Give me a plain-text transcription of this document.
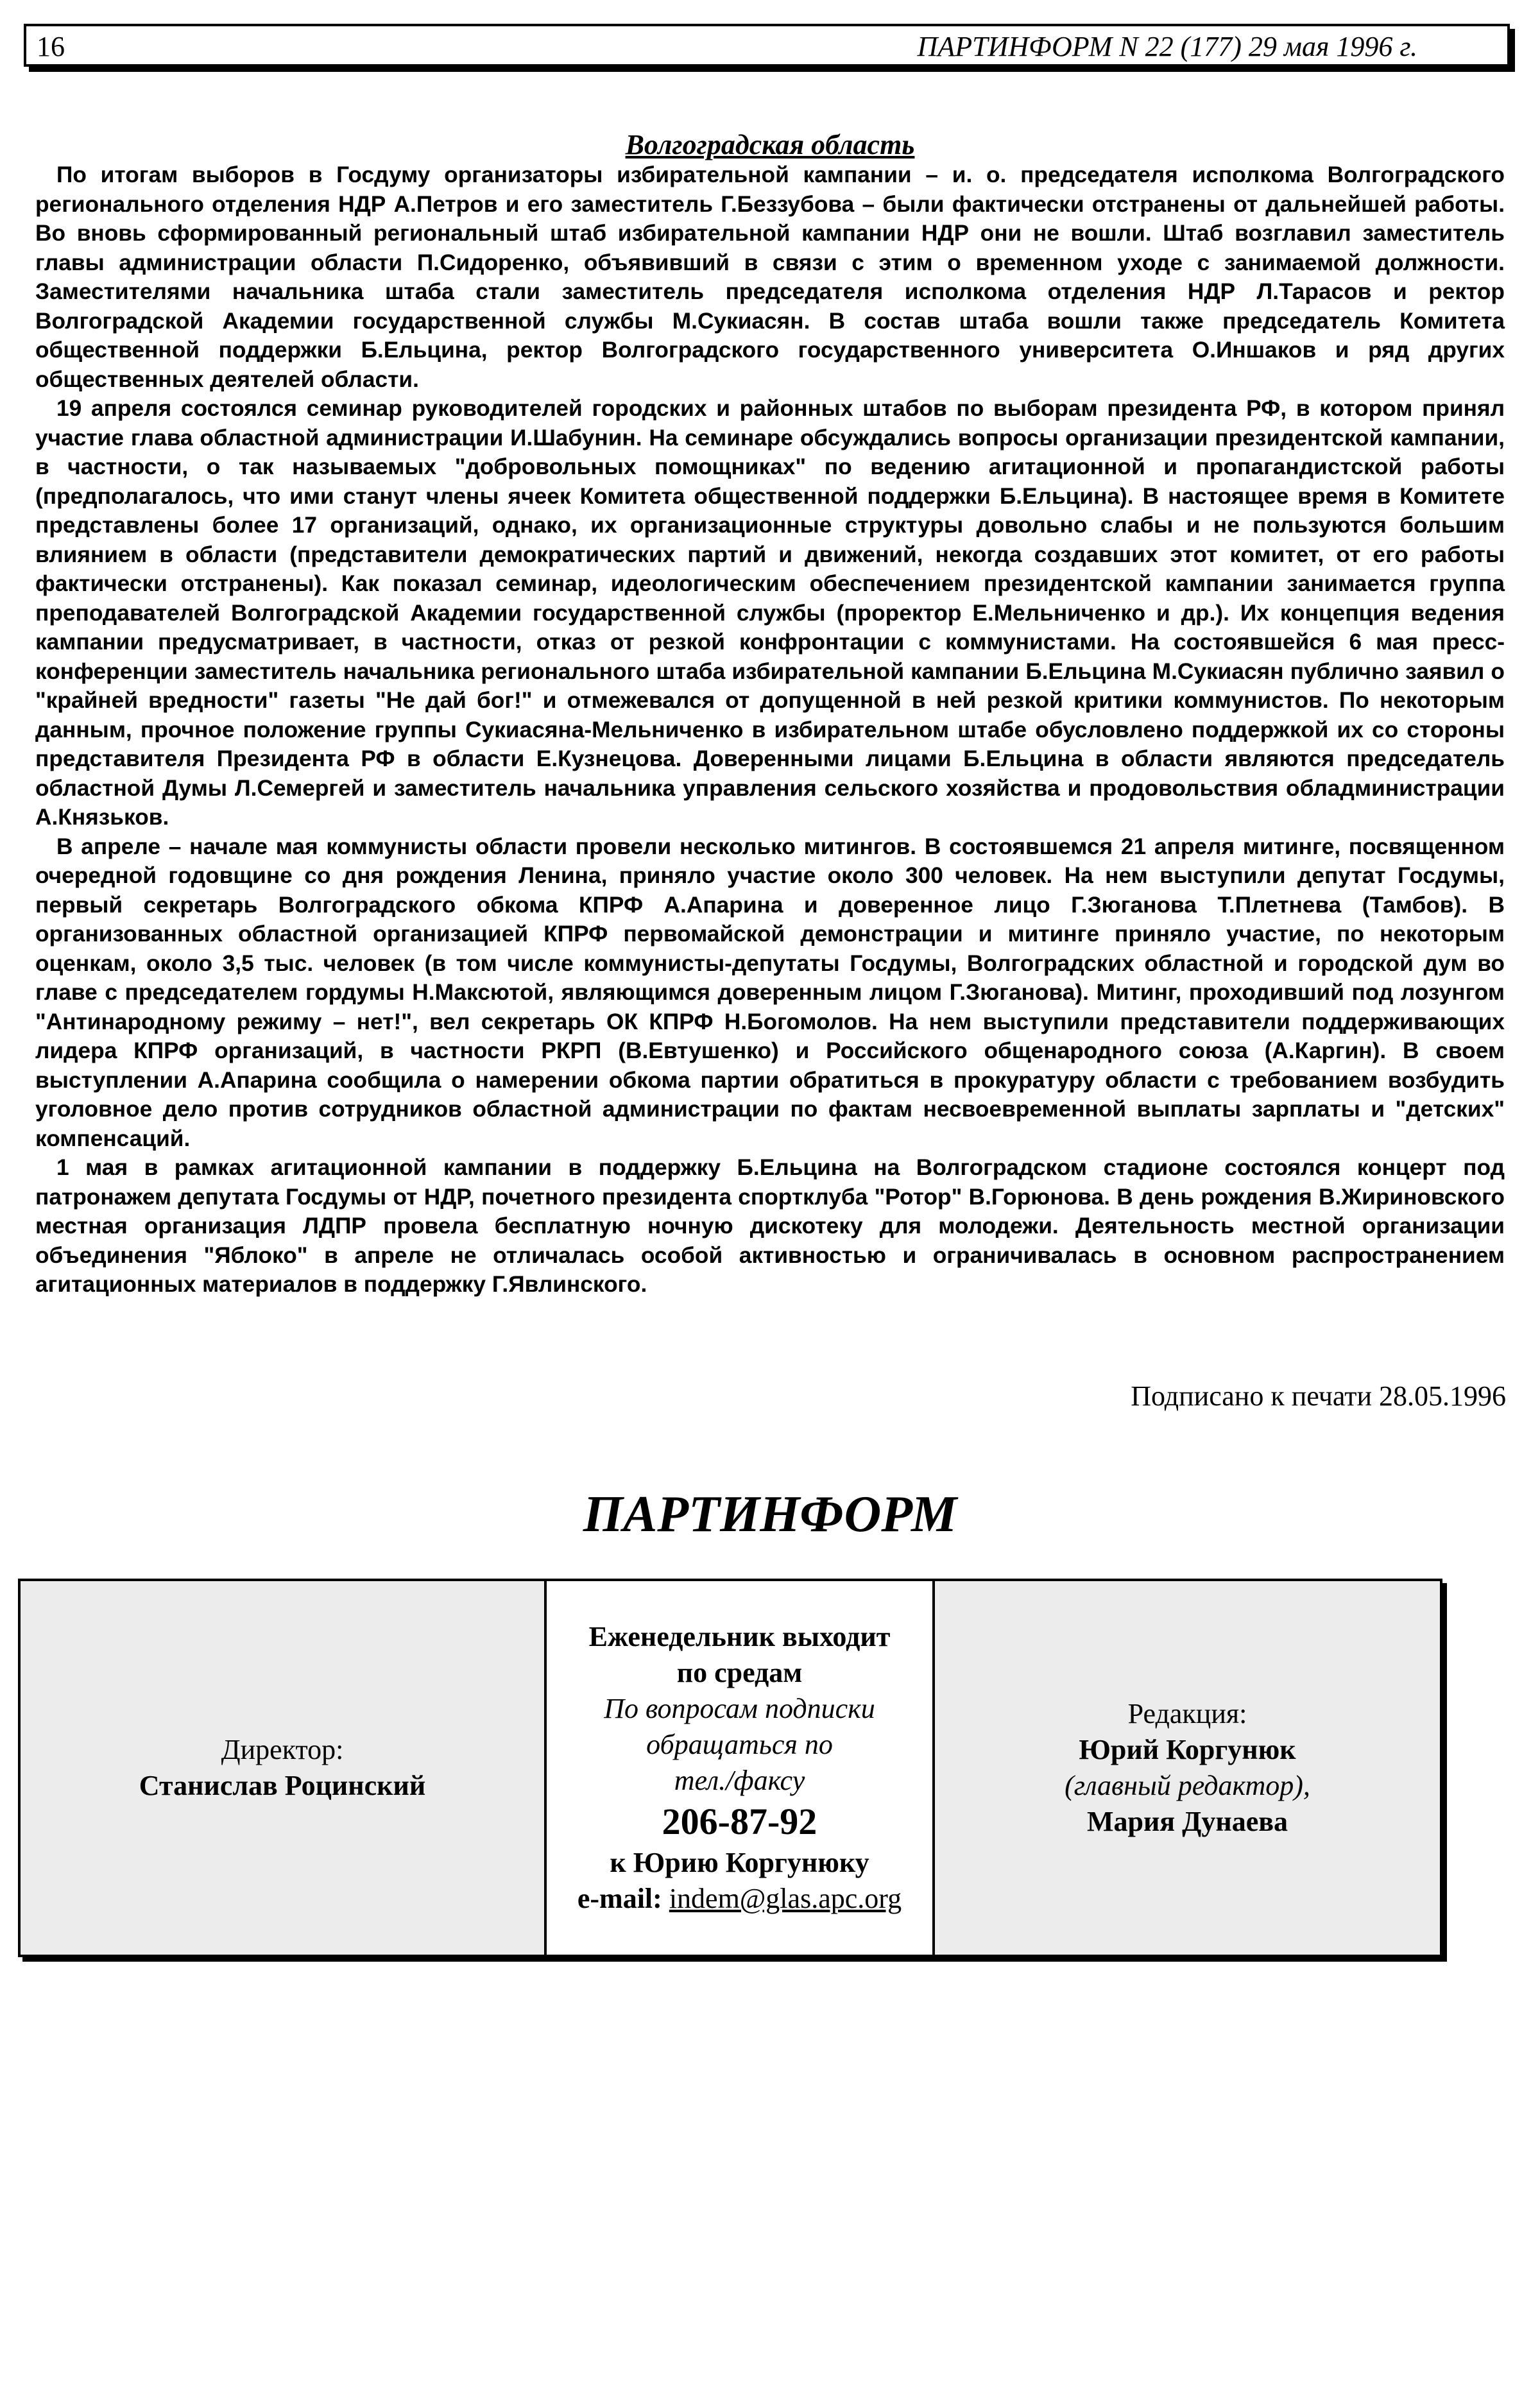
16	ПАРТИНФОРМ N 22 (177) 29 мая 1996 г.
Волгоградская область

По итогам выборов в Госдуму организаторы избирательной кампании – и. о. председателя исполкома Волгоградского регионального отделения НДР А.Петров и его заместитель Г.Беззубова – были фактически отстранены от дальнейшей работы. Во вновь сформированный региональный штаб избирательной кампании НДР они не вошли. Штаб возглавил заместитель главы администрации области П.Сидоренко, объявивший в связи с этим о временном уходе с занимаемой должности. Заместителями начальника штаба стали заместитель председателя исполкома отделения НДР Л.Тарасов и ректор Волгоградской Академии государственной службы М.Сукиасян. В состав штаба вошли также председатель Комитета общественной поддержки Б.Ельцина, ректор Волгоградского государственного университета О.Иншаков и ряд других общественных деятелей области.

19 апреля состоялся семинар руководителей городских и районных штабов по выборам президента РФ, в котором принял участие глава областной администрации И.Шабунин. На семинаре обсуждались вопросы организации президентской кампании, в частности, о так называемых "добровольных помощниках" по ведению агитационной и пропагандистской работы (предполагалось, что ими станут члены ячеек Комитета общественной поддержки Б.Ельцина). В настоящее время в Комитете представлены более 17 организаций, однако, их организационные структуры довольно слабы и не пользуются большим влиянием в области (представители демократических партий и движений, некогда создавших этот комитет, от его работы фактически отстранены). Как показал семинар, идеологическим обеспечением президентской кампании занимается группа преподавателей Волгоградской Академии государственной службы (проректор Е.Мельниченко и др.). Их концепция ведения кампании предусматривает, в частности, отказ от резкой конфронтации с коммунистами. На состоявшейся 6 мая пресс-конференции заместитель начальника регионального штаба избирательной кампании Б.Ельцина М.Сукиасян публично заявил о "крайней вредности" газеты "Не дай бог!" и отмежевался от допущенной в ней резкой критики коммунистов. По некоторым данным, прочное положение группы Сукиасяна-Мельниченко в избирательном штабе обусловлено поддержкой их со стороны представителя Президента РФ в области Е.Кузнецова. Доверенными лицами Б.Ельцина в области являются председатель областной Думы Л.Семергей и заместитель начальника управления сельского хозяйства и продовольствия обладминистрации А.Князьков.

В апреле – начале мая коммунисты области провели несколько митингов. В состоявшемся 21 апреля митинге, посвященном очередной годовщине со дня рождения Ленина, приняло участие около 300 человек. На нем выступили депутат Госдумы, первый секретарь Волгоградского обкома КПРФ А.Апарина и доверенное лицо Г.Зюганова Т.Плетнева (Тамбов). В организованных областной организацией КПРФ первомайской демонстрации и митинге приняло участие, по некоторым оценкам, около 3,5 тыс. человек (в том числе коммунисты-депутаты Госдумы, Волгоградских областной и городской дум во главе с председателем гордумы Н.Максютой, являющимся доверенным лицом Г.Зюганова). Митинг, проходивший под лозунгом "Антинародному режиму – нет!", вел секретарь ОК КПРФ Н.Богомолов. На нем выступили представители поддерживающих лидера КПРФ организаций, в частности РКРП (В.Евтушенко) и Российского общенародного союза (А.Каргин). В своем выступлении А.Апарина сообщила о намерении обкома партии обратиться в прокуратуру области с требованием возбудить уголовное дело против сотрудников областной администрации по фактам несвоевременной выплаты зарплаты и "детских" компенсаций.

1 мая в рамках агитационной кампании в поддержку Б.Ельцина на Волгоградском стадионе состоялся концерт под патронажем депутата Госдумы от НДР, почетного президента спортклуба "Ротор" В.Горюнова. В день рождения В.Жириновского местная организация ЛДПР провела бесплатную ночную дискотеку для молодежи. Деятельность местной организации объединения "Яблоко" в апреле не отличалась особой активностью и ограничивалась в основном распространением агитационных материалов в поддержку Г.Явлинского.

Подписано к печати 28.05.1996
ПАРТИНФОРМ
Директор:
Станислав Роцинский
Еженедельник выходит
по средам
По вопросам подписки
обращаться по
тел./факсу
206-87-92
к Юрию Коргунюку
e-mail: indem@glas.apc.org
Редакция:
Юрий Коргунюк
(главный редактор),
Мария Дунаева
